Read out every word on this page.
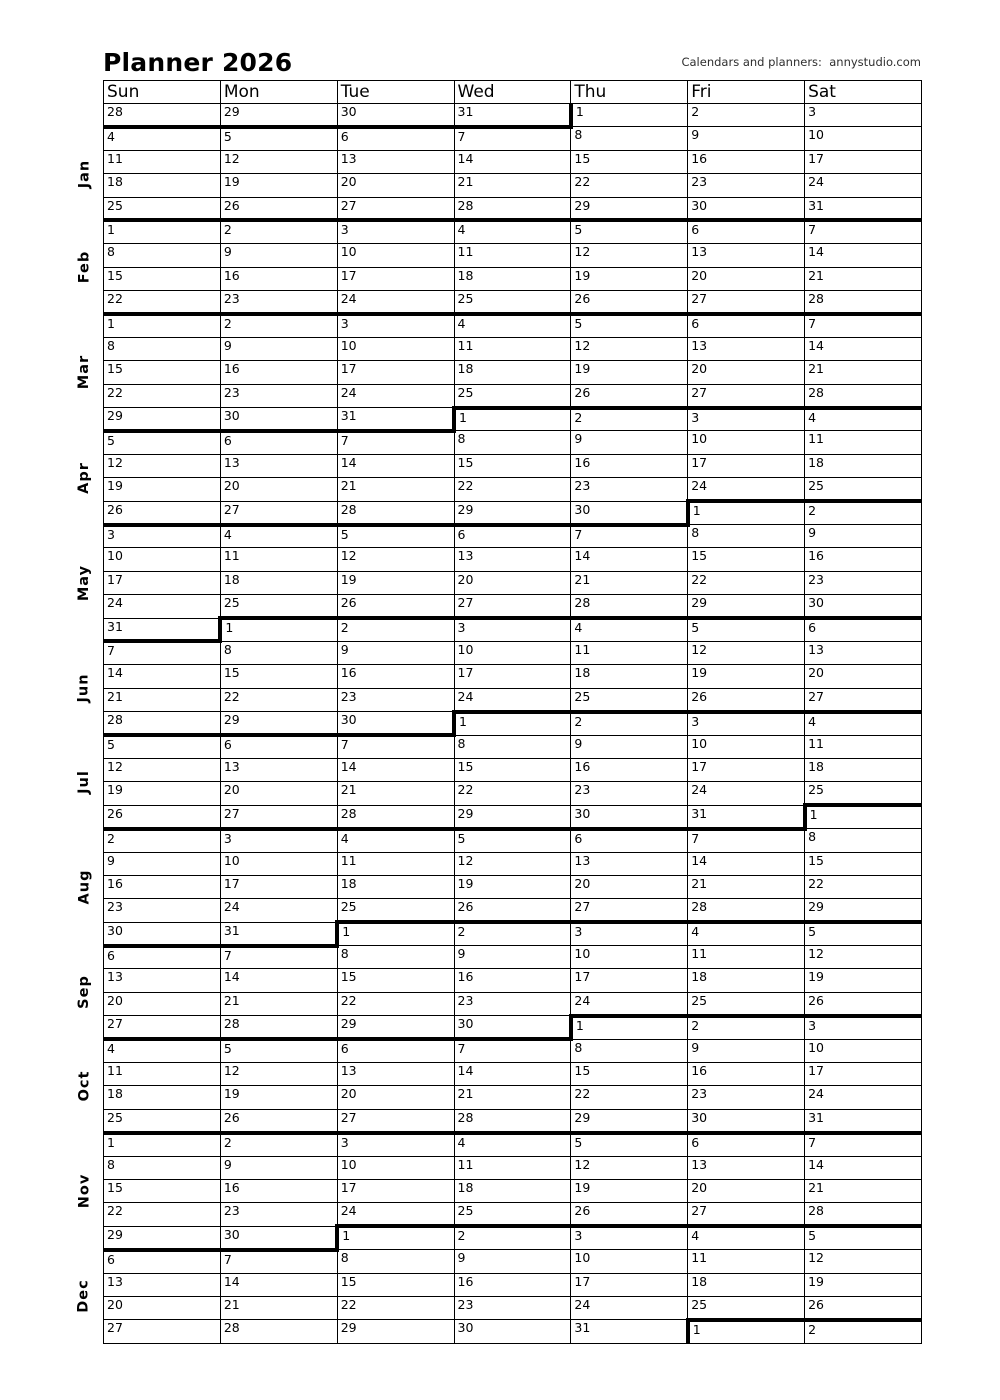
Planner 2026	Calendars and planners:  annystudio.com
Sun	Mon	Tue	Wed	Thu	Fri	Sat
28	29	30	31	1	2	3
4	5	6	7	8	9	10
11	12	13	14	15	16	17
18	19	20	21	22	23	24
25	26	27	28	29	30	31
1	2	3	4	5	6	7
8	9	10	11	12	13	14
15	16	17	18	19	20	21
22	23	24	25	26	27	28
1	2	3	4	5	6	7
8	9	10	11	12	13	14
15	16	17	18	19	20	21
22	23	24	25	26	27	28
29	30	31	1	2	3	4
5	6	7	8	9	10	11
12	13	14	15	16	17	18
19	20	21	22	23	24	25
26	27	28	29	30	1	2
3	4	5	6	7	8	9
10	11	12	13	14	15	16
17	18	19	20	21	22	23
24	25	26	27	28	29	30
31	1	2	3	4	5	6
7	8	9	10	11	12	13
14	15	16	17	18	19	20
21	22	23	24	25	26	27
28	29	30	1	2	3	4
5	6	7	8	9	10	11
12	13	14	15	16	17	18
19	20	21	22	23	24	25
26	27	28	29	30	31	1
2	3	4	5	6	7	8
9	10	11	12	13	14	15
16	17	18	19	20	21	22
23	24	25	26	27	28	29
30	31	1	2	3	4	5
6	7	8	9	10	11	12
13	14	15	16	17	18	19
20	21	22	23	24	25	26
27	28	29	30	1	2	3
4	5	6	7	8	9	10
11	12	13	14	15	16	17
18	19	20	21	22	23	24
25	26	27	28	29	30	31
1	2	3	4	5	6	7
8	9	10	11	12	13	14
15	16	17	18	19	20	21
22	23	24	25	26	27	28
29	30	1	2	3	4	5
6	7	8	9	10	11	12
13	14	15	16	17	18	19
20	21	22	23	24	25	26
27	28	29	30	31	1	2
Jan
Feb
Mar
Apr
May
Jun
Jul
Aug
Sep
Oct
Nov
Dec
